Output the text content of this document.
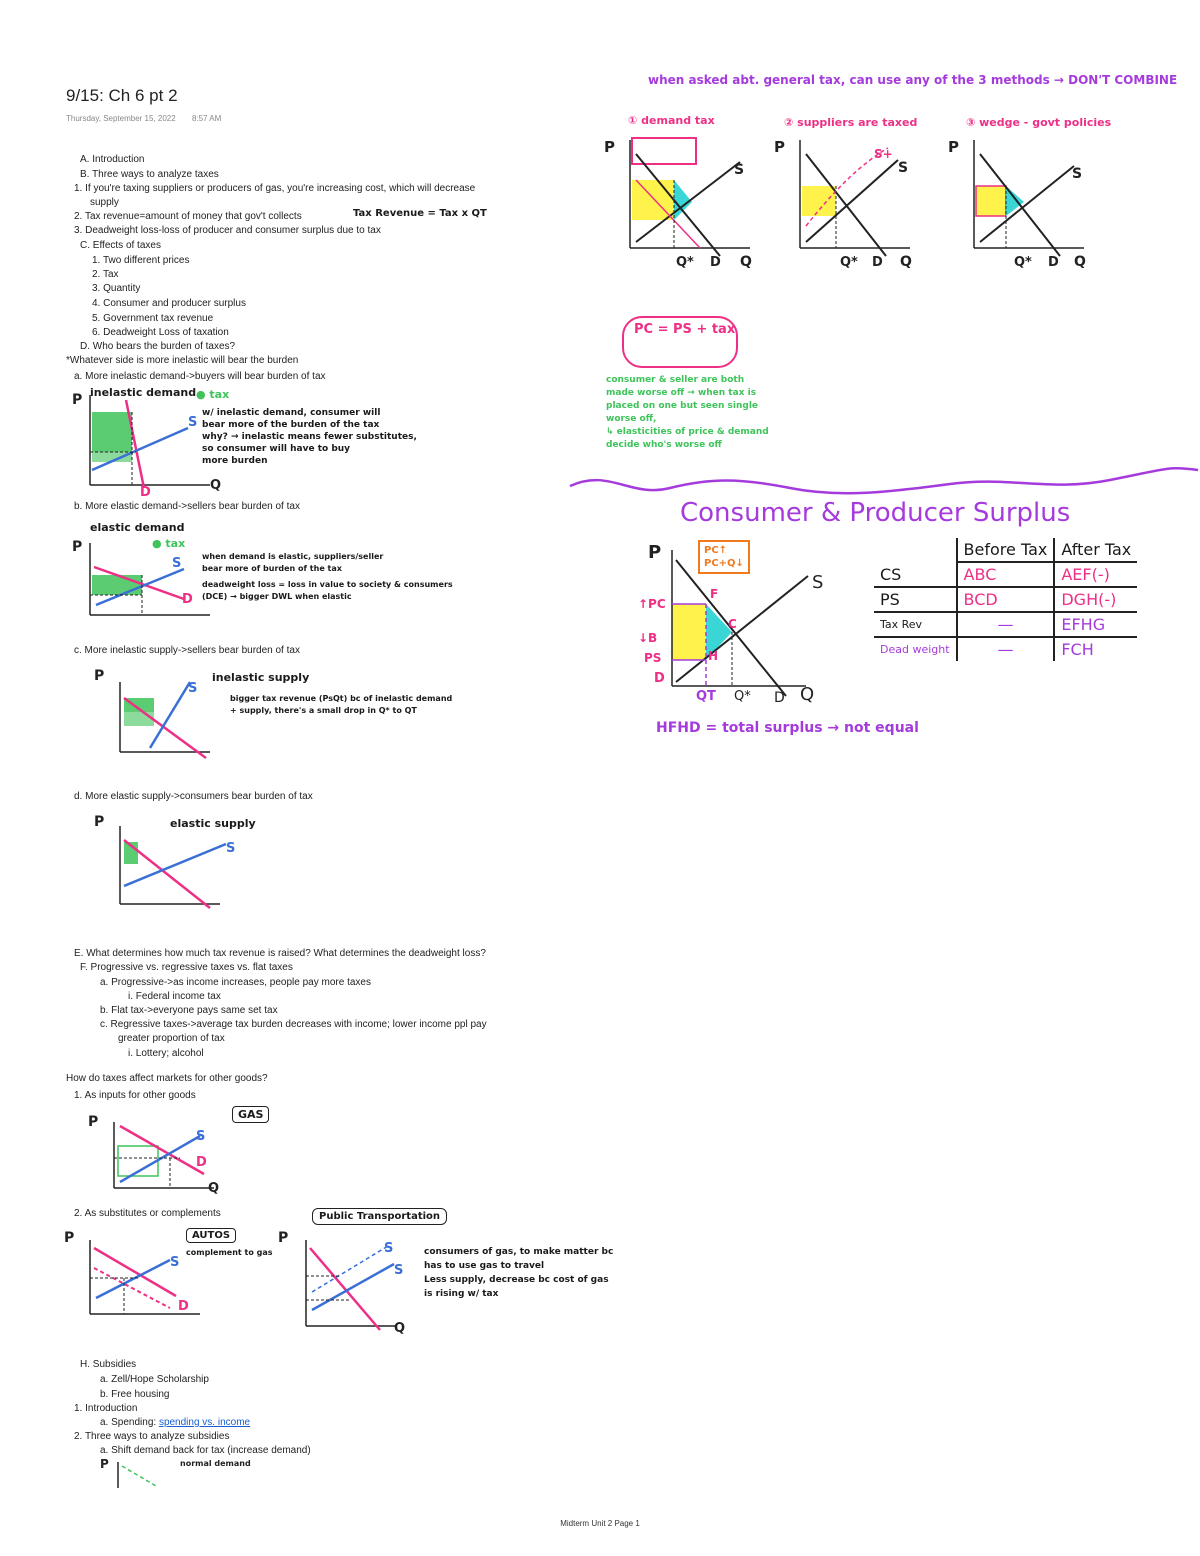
9/15: Ch 6 pt 2
Thursday, September 15, 2022 8:57 AM
A. Introduction
B. Three ways to analyze taxes
1. If you're taxing suppliers or producers of gas, you're increasing cost, which will decrease
supply
2. Tax revenue=amount of money that gov't collects	Tax Revenue = Tax x QT
3. Deadweight loss-loss of producer and consumer surplus due to tax
C. Effects of taxes
1. Two different prices
2. Tax
3. Quantity
4. Consumer and producer surplus
5. Government tax revenue
6. Deadweight Loss of taxation
D. Who bears the burden of taxes?
*Whatever side is more inelastic will bear the burden
a. More inelastic demand->buyers will bear burden of tax
inelastic demand ● tax
P
S
D	Q
w/ inelastic demand, consumer will
bear more of the burden of the tax
why? → inelastic means fewer substitutes,
so consumer will have to buy
more burden
b. More elastic demand->sellers bear burden of tax
elastic demand
● tax
P
S
D
when demand is elastic, suppliers/seller
bear more of burden of the tax
deadweight loss = loss in value to society & consumers
(DCE) → bigger DWL when elastic
c. More inelastic supply->sellers bear burden of tax
inelastic supply
P
S
bigger tax revenue (PsQt) bc of inelastic demand
+ supply, there's a small drop in Q* to QT
d. More elastic supply->consumers bear burden of tax
elastic supply
P
S
E. What determines how much tax revenue is raised? What determines the deadweight loss?
F. Progressive vs. regressive taxes vs. flat taxes
a. Progressive->as income increases, people pay more taxes
i. Federal income tax
b. Flat tax->everyone pays same set tax
c. Regressive taxes->average tax burden decreases with income; lower income ppl pay
greater proportion of tax
i. Lottery; alcohol
How do taxes affect markets for other goods?
1. As inputs for other goods
GAS
P
S
D
Q
2. As substitutes or complements
AUTOS
complement to gas
P
S
D
Public Transportation
P
S
S
Q
consumers of gas, to make matter bc
has to use gas to travel
Less supply, decrease bc cost of gas
is rising w/ tax
H. Subsidies
a. Zell/Hope Scholarship
b. Free housing
1. Introduction
a. Spending: spending vs. income
2. Three ways to analyze subsidies
a. Shift demand back for tax (increase demand)
P	normal demand
when asked abt. general tax, can use any of the 3 methods → DON'T COMBINE
① demand tax	② suppliers are taxed	③ wedge - govt policies
P
S
Q* D Q
P	S+
S
Q* D Q
P
S
Q* D Q
PC = PS + tax
consumer & seller are both
made worse off → when tax is
placed on one but seen single
worse off,
↳ elasticities of price & demand
decide who's worse off
Consumer & Producer Surplus
P
S
↑PC
↓B
PS
D
F
C
H
QT Q* D Q
PC↑
PC+Q↓
	Before Tax	After Tax
CS	ABC	AEF(-)
PS	BCD	DGH(-)
Tax Rev	—	EFHG
Dead weight	—	FCH
HFHD = total surplus → not equal
Midterm Unit 2 Page 1
